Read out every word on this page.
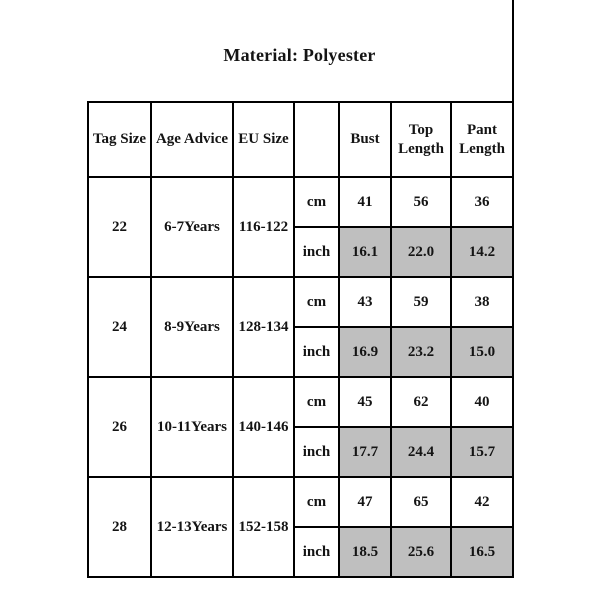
Material: Polyester
Tag Size	Age Advice	EU Size		Bust	Top Length	Pant Length
22	6-7Years	116-122	cm	41	56	36
			inch	16.1	22.0	14.2
24	8-9Years	128-134	cm	43	59	38
			inch	16.9	23.2	15.0
26	10-11Years	140-146	cm	45	62	40
			inch	17.7	24.4	15.7
28	12-13Years	152-158	cm	47	65	42
			inch	18.5	25.6	16.5
